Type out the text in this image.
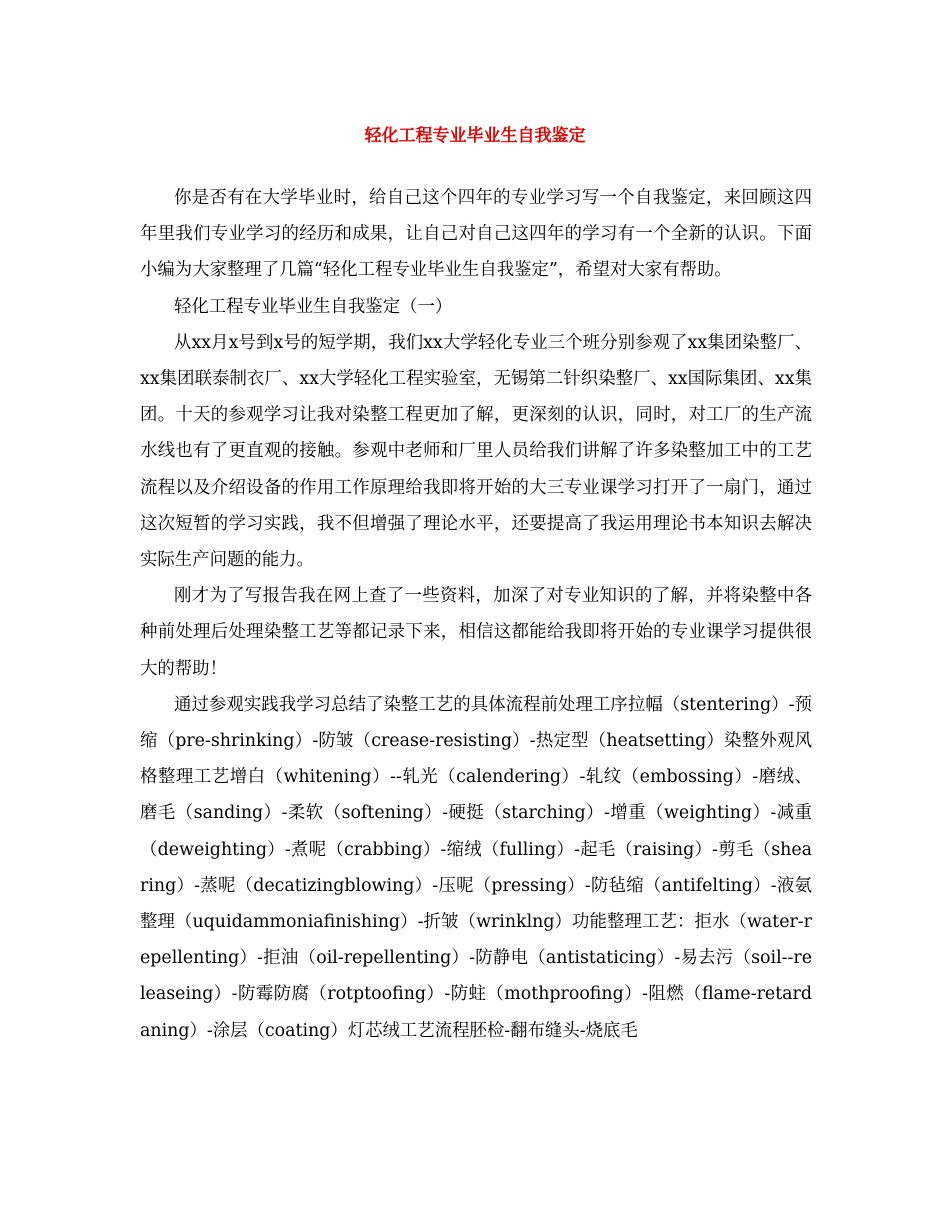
轻化工程专业毕业生自我鉴定

你是否有在大学毕业时，给自己这个四年的专业学习写一个自我鉴定，来回顾这四年里我们专业学习的经历和成果，让自己对自己这四年的学习有一个全新的认识。下面小编为大家整理了几篇“轻化工程专业毕业生自我鉴定”，希望对大家有帮助。

轻化工程专业毕业生自我鉴定（一）

从xx月x号到x号的短学期，我们xx大学轻化专业三个班分别参观了xx集团染整厂、xx集团联泰制衣厂、xx大学轻化工程实验室，无锡第二针织染整厂、xx国际集团、xx集团。十天的参观学习让我对染整工程更加了解，更深刻的认识，同时，对工厂的生产流水线也有了更直观的接触。参观中老师和厂里人员给我们讲解了许多染整加工中的工艺流程以及介绍设备的作用工作原理给我即将开始的大三专业课学习打开了一扇门，通过这次短暂的学习实践，我不但增强了理论水平，还要提高了我运用理论书本知识去解决实际生产问题的能力。

刚才为了写报告我在网上查了一些资料，加深了对专业知识的了解，并将染整中各种前处理后处理染整工艺等都记录下来，相信这都能给我即将开始的专业课学习提供很大的帮助！

通过参观实践我学习总结了染整工艺的具体流程前处理工序拉幅（stentering）-预缩（pre-shrinking）-防皱（crease-resisting）-热定型（heatsetting）染整外观风格整理工艺增白（whitening）--轧光（calendering）-轧纹（embossing）-磨绒、磨毛（sanding）-柔软（softening）-硬挺（starching）-增重（weighting）-减重（deweighting）-煮呢（crabbing）-缩绒（fulling）-起毛（raising）-剪毛（shearing）-蒸呢（decatizingblowing）-压呢（pressing）-防毡缩（antifelting）-液氨整理（uquidammoniafinishing）-折皱（wrinklng）功能整理工艺：拒水（water-repellenting）-拒油（oil-repellenting）-防静电（antistaticing）-易去污（soil--releaseing）-防霉防腐（rotptoofing）-防蛀（mothproofing）-阻燃（flame-retardaning）-涂层（coating）灯芯绒工艺流程胚检-翻布缝头-烧底毛
